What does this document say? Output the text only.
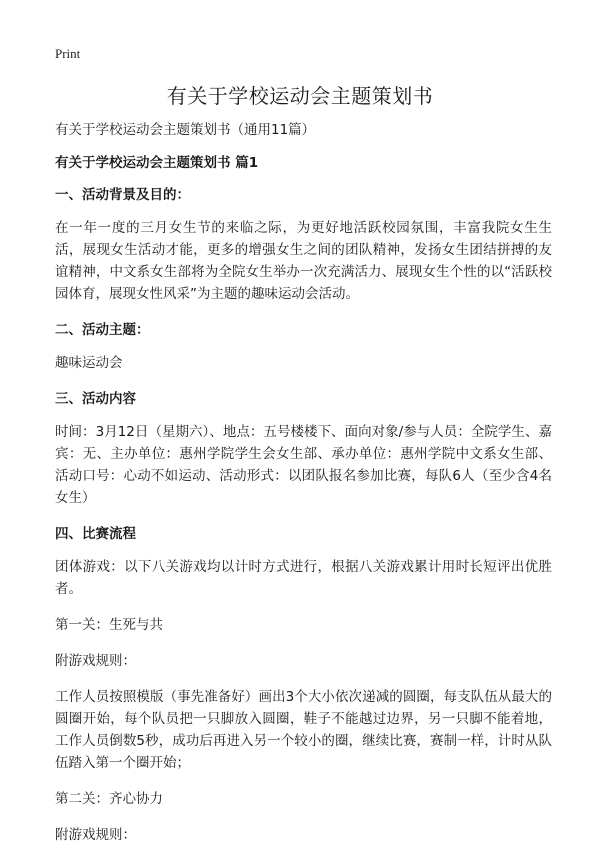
Print
有关于学校运动会主题策划书

有关于学校运动会主题策划书（通用11篇）

有关于学校运动会主题策划书 篇1

一、活动背景及目的：

在一年一度的三月女生节的来临之际，为更好地活跃校园氛围，丰富我院女生生活，展现女生活动才能，更多的增强女生之间的团队精神，发扬女生团结拼搏的友谊精神，中文系女生部将为全院女生举办一次充满活力、展现女生个性的以“活跃校园体育，展现女性风采”为主题的趣味运动会活动。

二、活动主题：

趣味运动会

三、活动内容

时间：3月12日（星期六）、地点：五号楼楼下、面向对象/参与人员：全院学生、嘉宾：无、主办单位：惠州学院学生会女生部、承办单位：惠州学院中文系女生部、活动口号：心动不如运动、活动形式：以团队报名参加比赛，每队6人（至少含4名女生）

四、比赛流程

团体游戏：以下八关游戏均以计时方式进行，根据八关游戏累计用时长短评出优胜者。

第一关：生死与共

附游戏规则：

工作人员按照模版（事先准备好）画出3个大小依次递减的圆圈，每支队伍从最大的圆圈开始，每个队员把一只脚放入圆圈，鞋子不能越过边界，另一只脚不能着地，工作人员倒数5秒，成功后再进入另一个较小的圈，继续比赛，赛制一样，计时从队伍踏入第一个圈开始；

第二关：齐心协力

附游戏规则：
